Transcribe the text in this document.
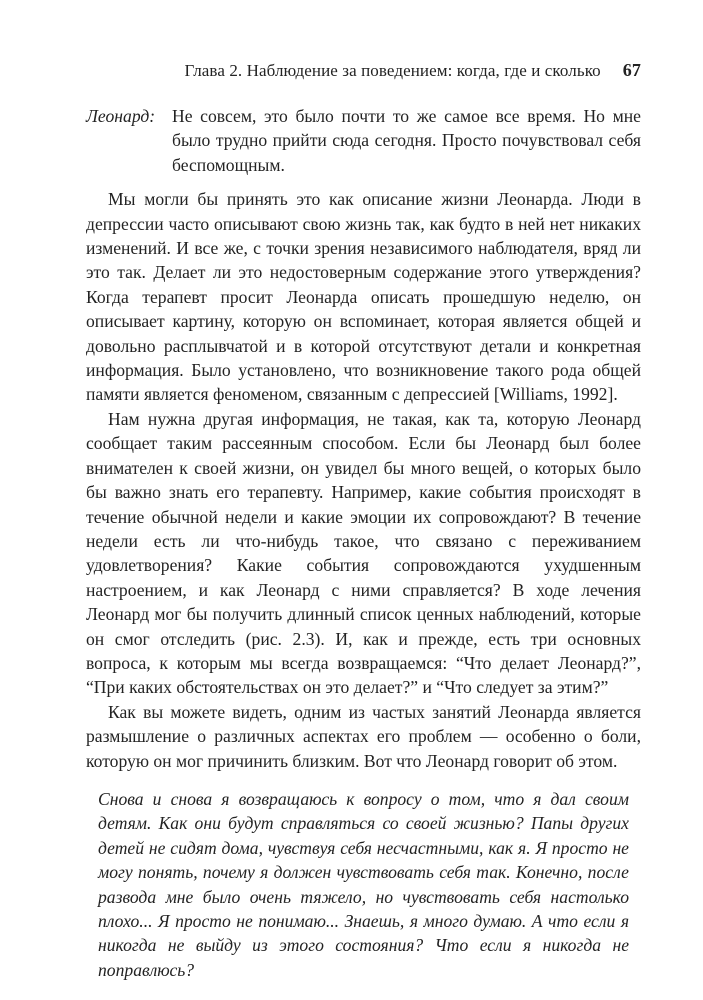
Глава 2. Наблюдение за поведением: когда, где и сколько 67
Леонард: Не совсем, это было почти то же самое все время. Но мне было трудно прийти сюда сегодня. Просто почувствовал себя беспомощным.

Мы могли бы принять это как описание жизни Леонарда. Люди в депрессии часто описывают свою жизнь так, как будто в ней нет никаких изменений. И все же, с точки зрения независимого наблюдателя, вряд ли это так. Делает ли это недостоверным содержание этого утверждения? Когда терапевт просит Леонарда описать прошедшую неделю, он описывает картину, которую он вспоминает, которая является общей и довольно расплывчатой и в которой отсутствуют детали и конкретная информация. Было установлено, что возникновение такого рода общей памяти является феноменом, связанным с депрессией [Williams, 1992].

Нам нужна другая информация, не такая, как та, которую Леонард сообщает таким рассеянным способом. Если бы Леонард был более внимателен к своей жизни, он увидел бы много вещей, о которых было бы важно знать его терапевту. Например, какие события происходят в течение обычной недели и какие эмоции их сопровождают? В течение недели есть ли что-нибудь такое, что связано с переживанием удовлетворения? Какие события сопровождаются ухудшенным настроением, и как Леонард с ними справляется? В ходе лечения Леонард мог бы получить длинный список ценных наблюдений, которые он смог отследить (рис. 2.3). И, как и прежде, есть три основных вопроса, к которым мы всегда возвращаемся: “Что делает Леонард?”, “При каких обстоятельствах он это делает?” и “Что следует за этим?”

Как вы можете видеть, одним из частых занятий Леонарда является размышление о различных аспектах его проблем — особенно о боли, которую он мог причинить близким. Вот что Леонард говорит об этом.

Снова и снова я возвращаюсь к вопросу о том, что я дал своим детям. Как они будут справляться со своей жизнью? Папы других детей не сидят дома, чувствуя себя несчастными, как я. Я просто не могу понять, почему я должен чувствовать себя так. Конечно, после развода мне было очень тяжело, но чувствовать себя настолько плохо... Я просто не понимаю... Знаешь, я много думаю. А что если я никогда не выйду из этого состояния? Что если я никогда не поправлюсь?
